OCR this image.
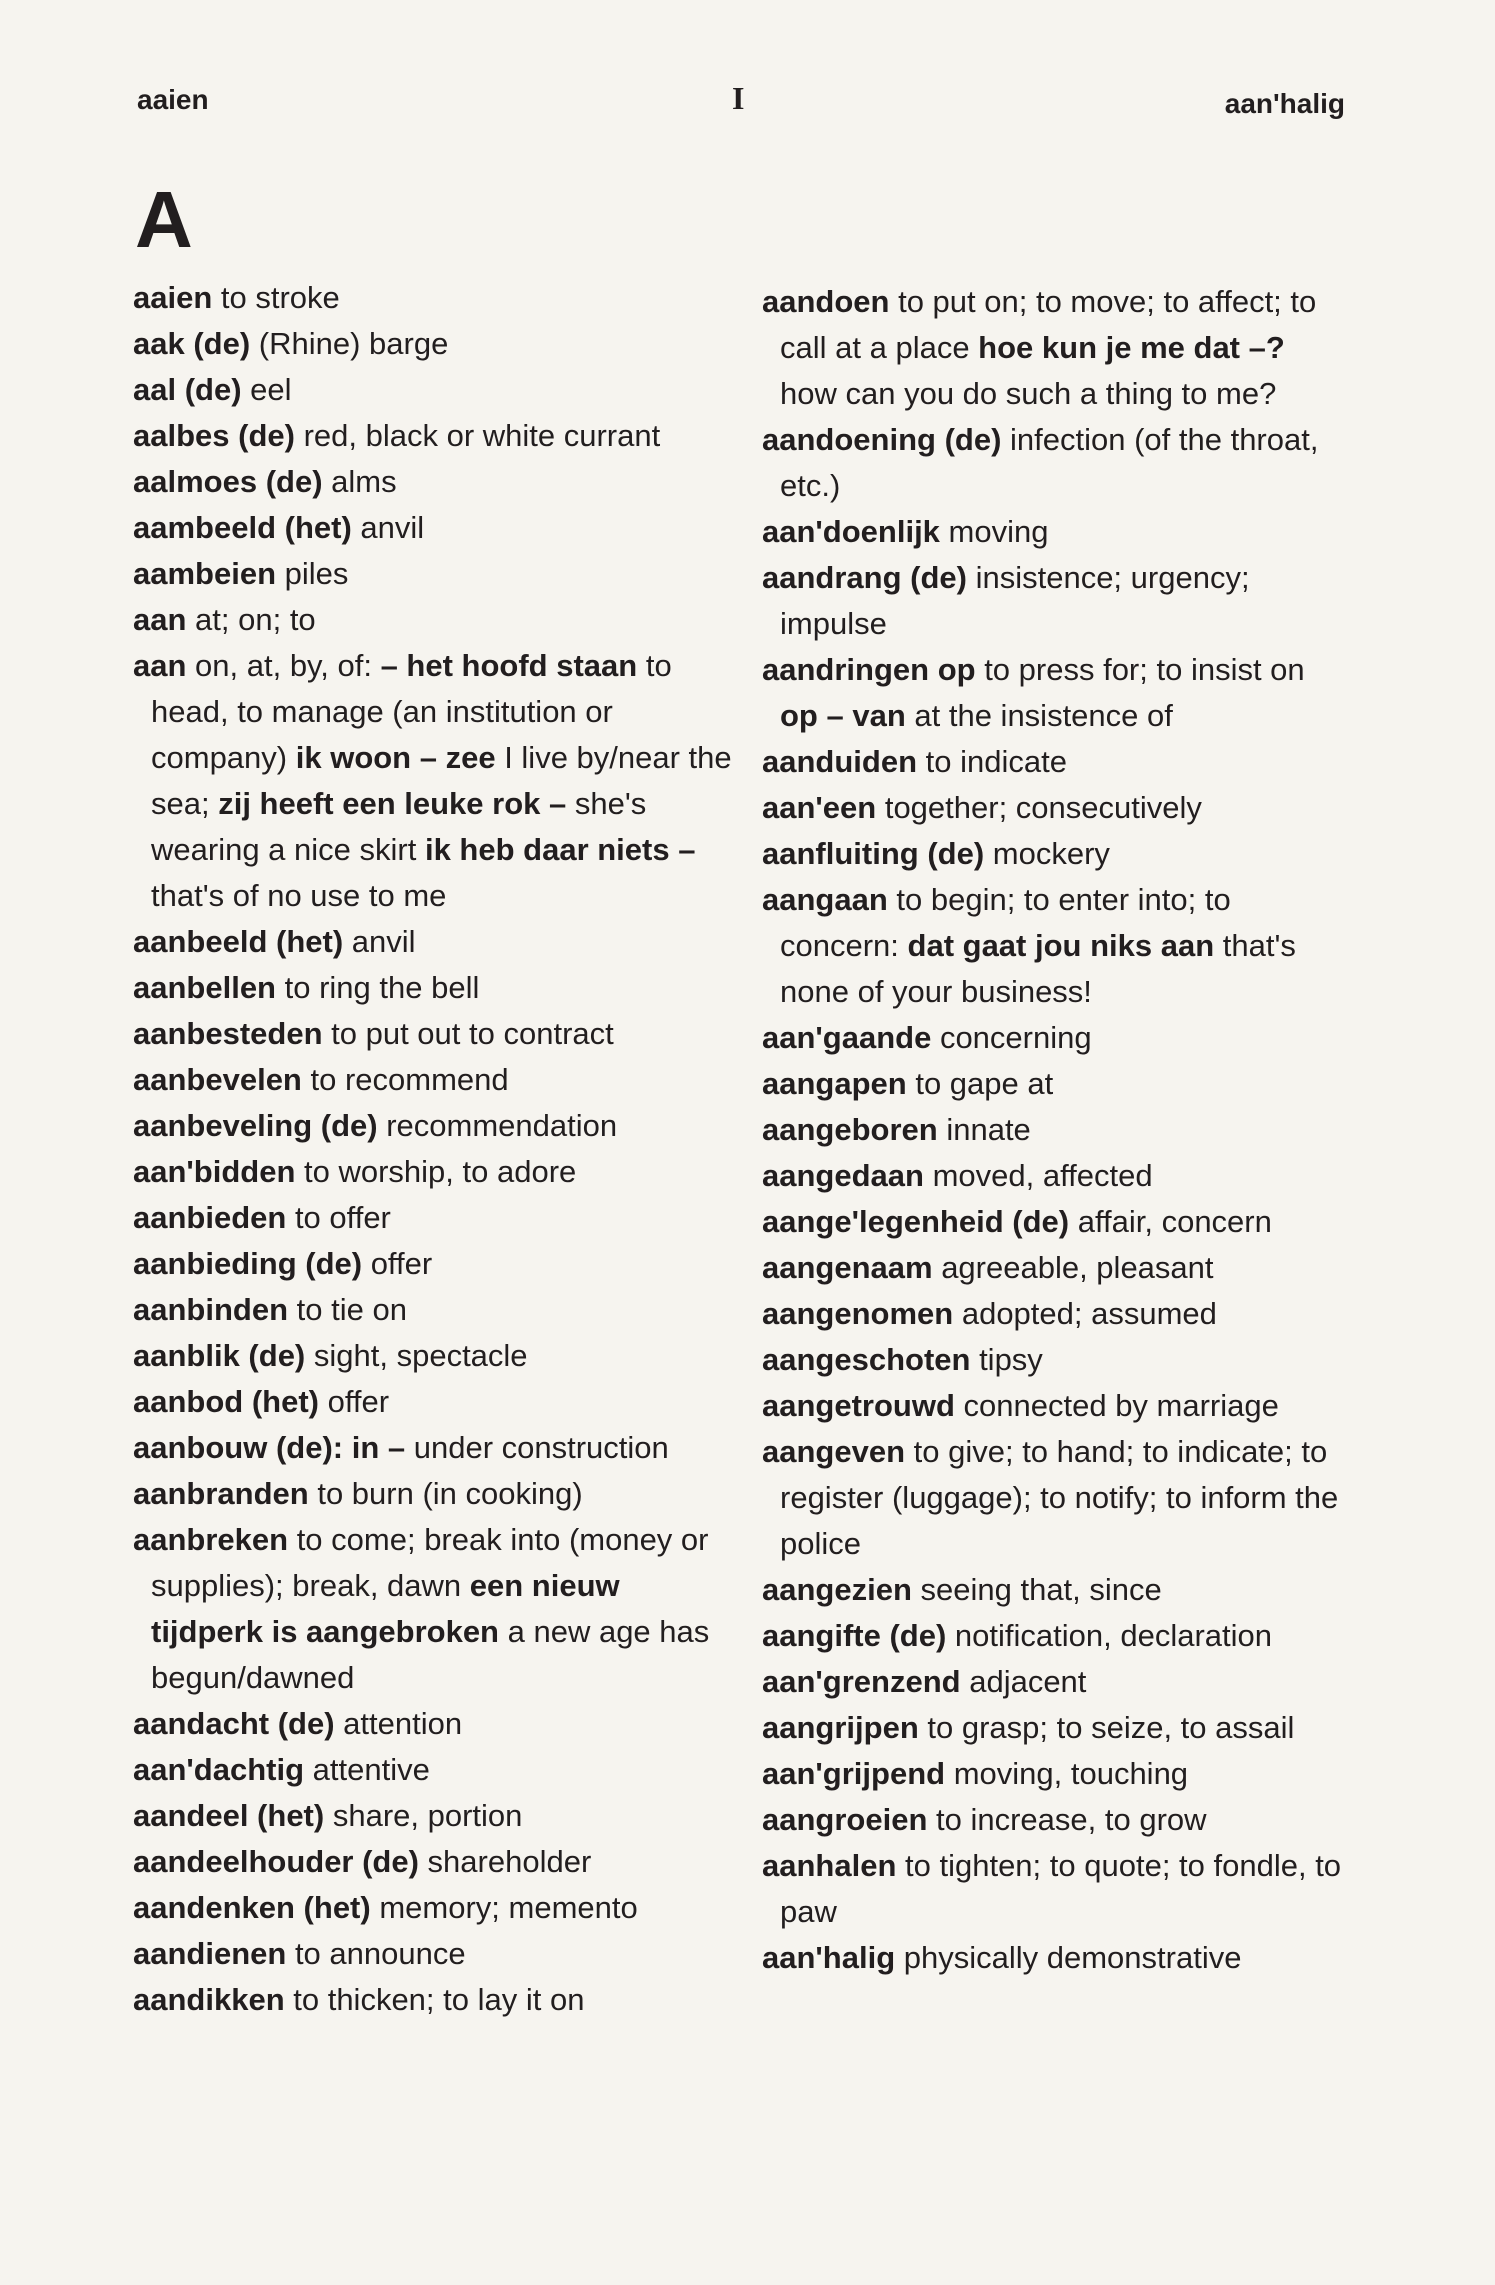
aaien	I	aan'halig
A
aaien to stroke
aak (de) (Rhine) barge
aal (de) eel
aalbes (de) red, black or white currant
aalmoes (de) alms
aambeeld (het) anvil
aambeien piles
aan at; on; to
aan on, at, by, of: – het hoofd staan to head, to manage (an institution or company) ik woon – zee I live by/near the sea; zij heeft een leuke rok – she's wearing a nice skirt ik heb daar niets – that's of no use to me
aanbeeld (het) anvil
aanbellen to ring the bell
aanbesteden to put out to contract
aanbevelen to recommend
aanbeveling (de) recommendation
aan'bidden to worship, to adore
aanbieden to offer
aanbieding (de) offer
aanbinden to tie on
aanblik (de) sight, spectacle
aanbod (het) offer
aanbouw (de): in – under construction
aanbranden to burn (in cooking)
aanbreken to come; break into (money or supplies); break, dawn een nieuw tijdperk is aangebroken a new age has begun/dawned
aandacht (de) attention
aan'dachtig attentive
aandeel (het) share, portion
aandeelhouder (de) shareholder
aandenken (het) memory; memento
aandienen to announce
aandikken to thicken; to lay it on
aandoen to put on; to move; to affect; to call at a place hoe kun je me dat –? how can you do such a thing to me?
aandoening (de) infection (of the throat, etc.)
aan'doenlijk moving
aandrang (de) insistence; urgency; impulse
aandringen op to press for; to insist on op – van at the insistence of
aanduiden to indicate
aan'een together; consecutively
aanfluiting (de) mockery
aangaan to begin; to enter into; to concern: dat gaat jou niks aan that's none of your business!
aan'gaande concerning
aangapen to gape at
aangeboren innate
aangedaan moved, affected
aange'legenheid (de) affair, concern
aangenaam agreeable, pleasant
aangenomen adopted; assumed
aangeschoten tipsy
aangetrouwd connected by marriage
aangeven to give; to hand; to indicate; to register (luggage); to notify; to inform the police
aangezien seeing that, since
aangifte (de) notification, declaration
aan'grenzend adjacent
aangrijpen to grasp; to seize, to assail
aan'grijpend moving, touching
aangroeien to increase, to grow
aanhalen to tighten; to quote; to fondle, to paw
aan'halig physically demonstrative
